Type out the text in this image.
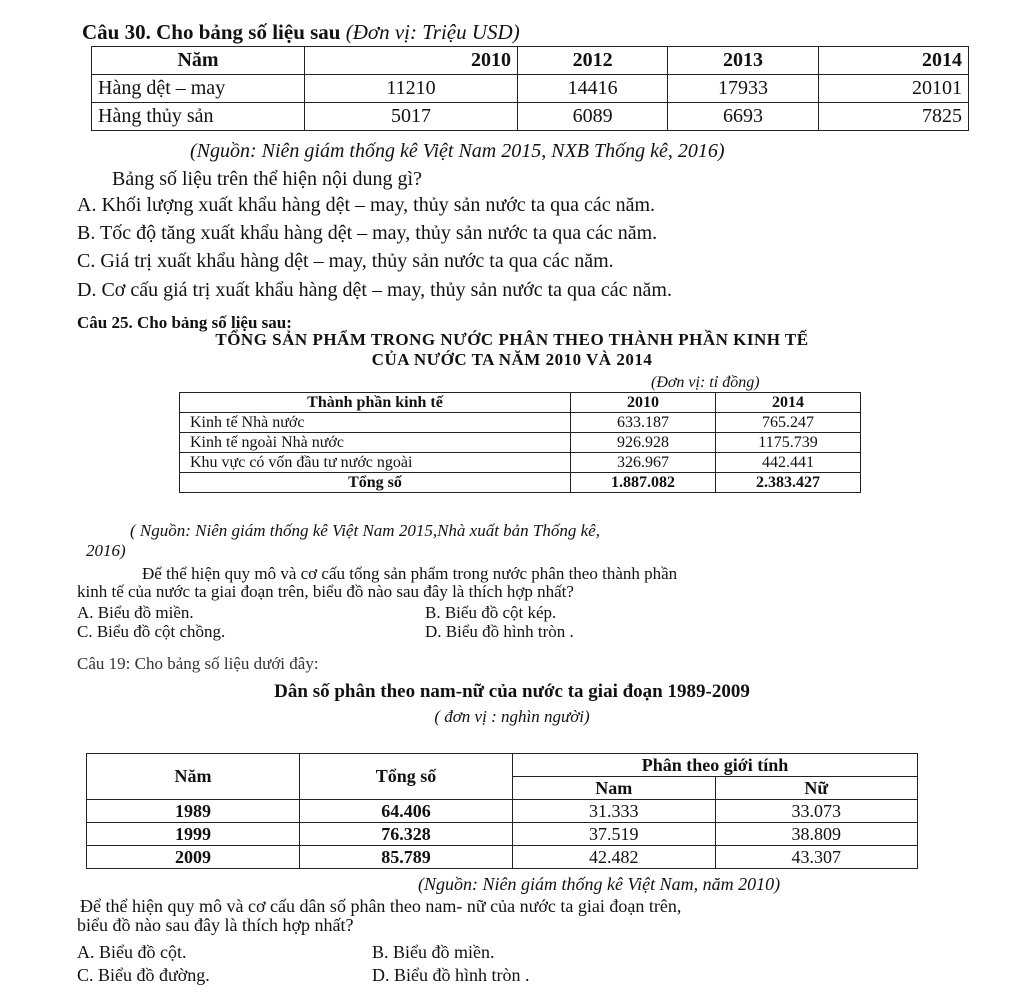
Câu 30. Cho bảng số liệu sau (Đơn vị: Triệu USD)
Năm	2010	2012	2013	2014
Hàng dệt – may	11210	14416	17933	20101
Hàng thủy sản	5017	6089	6693	7825
(Nguồn: Niên giám thống kê Việt Nam 2015, NXB Thống kê, 2016)
Bảng số liệu trên thể hiện nội dung gì?
A. Khối lượng xuất khẩu hàng dệt – may, thủy sản nước ta qua các năm.
B. Tốc độ tăng xuất khẩu hàng dệt – may, thủy sản nước ta qua các năm.
C. Giá trị xuất khẩu hàng dệt – may, thủy sản nước ta qua các năm.
D. Cơ cấu giá trị xuất khẩu hàng dệt – may, thủy sản nước ta qua các năm.
Câu 25. Cho bảng số liệu sau:
TỔNG SẢN PHẨM TRONG NƯỚC PHÂN THEO THÀNH PHẦN KINH TẾ
CỦA NƯỚC TA NĂM 2010 VÀ 2014
(Đơn vị: tỉ đồng)
Thành phần kinh tế	2010	2014
Kinh tế Nhà nước	633.187	765.247
Kinh tế ngoài Nhà nước	926.928	1175.739
Khu vực có vốn đầu tư nước ngoài	326.967	442.441
Tổng số	1.887.082	2.383.427
( Nguồn: Niên giám thống kê Việt Nam 2015,Nhà xuất bản Thống kê,
2016)
Để thể hiện quy mô và cơ cấu tổng sản phẩm trong nước phân theo thành phần
kinh tế của nước ta giai đoạn trên, biểu đồ nào sau đây là thích hợp nhất?
A. Biểu đồ miền.	B. Biểu đồ cột kép.
C. Biểu đồ cột chồng.	D. Biểu đồ hình tròn .
Câu 19: Cho bảng số liệu dưới đây:
Dân số phân theo nam-nữ của nước ta giai đoạn 1989-2009
( đơn vị : nghìn người)
Năm	Tổng số	Phân theo giới tính	
		Nam	Nữ
1989	64.406	31.333	33.073
1999	76.328	37.519	38.809
2009	85.789	42.482	43.307
(Nguồn: Niên giám thống kê Việt Nam, năm 2010)
Để thể hiện quy mô và cơ cấu dân số phân theo nam- nữ của nước ta giai đoạn trên,
biểu đồ nào sau đây là thích hợp nhất?
A. Biểu đồ cột.	B. Biểu đồ miền.
C. Biểu đồ đường.	D. Biểu đồ hình tròn .
